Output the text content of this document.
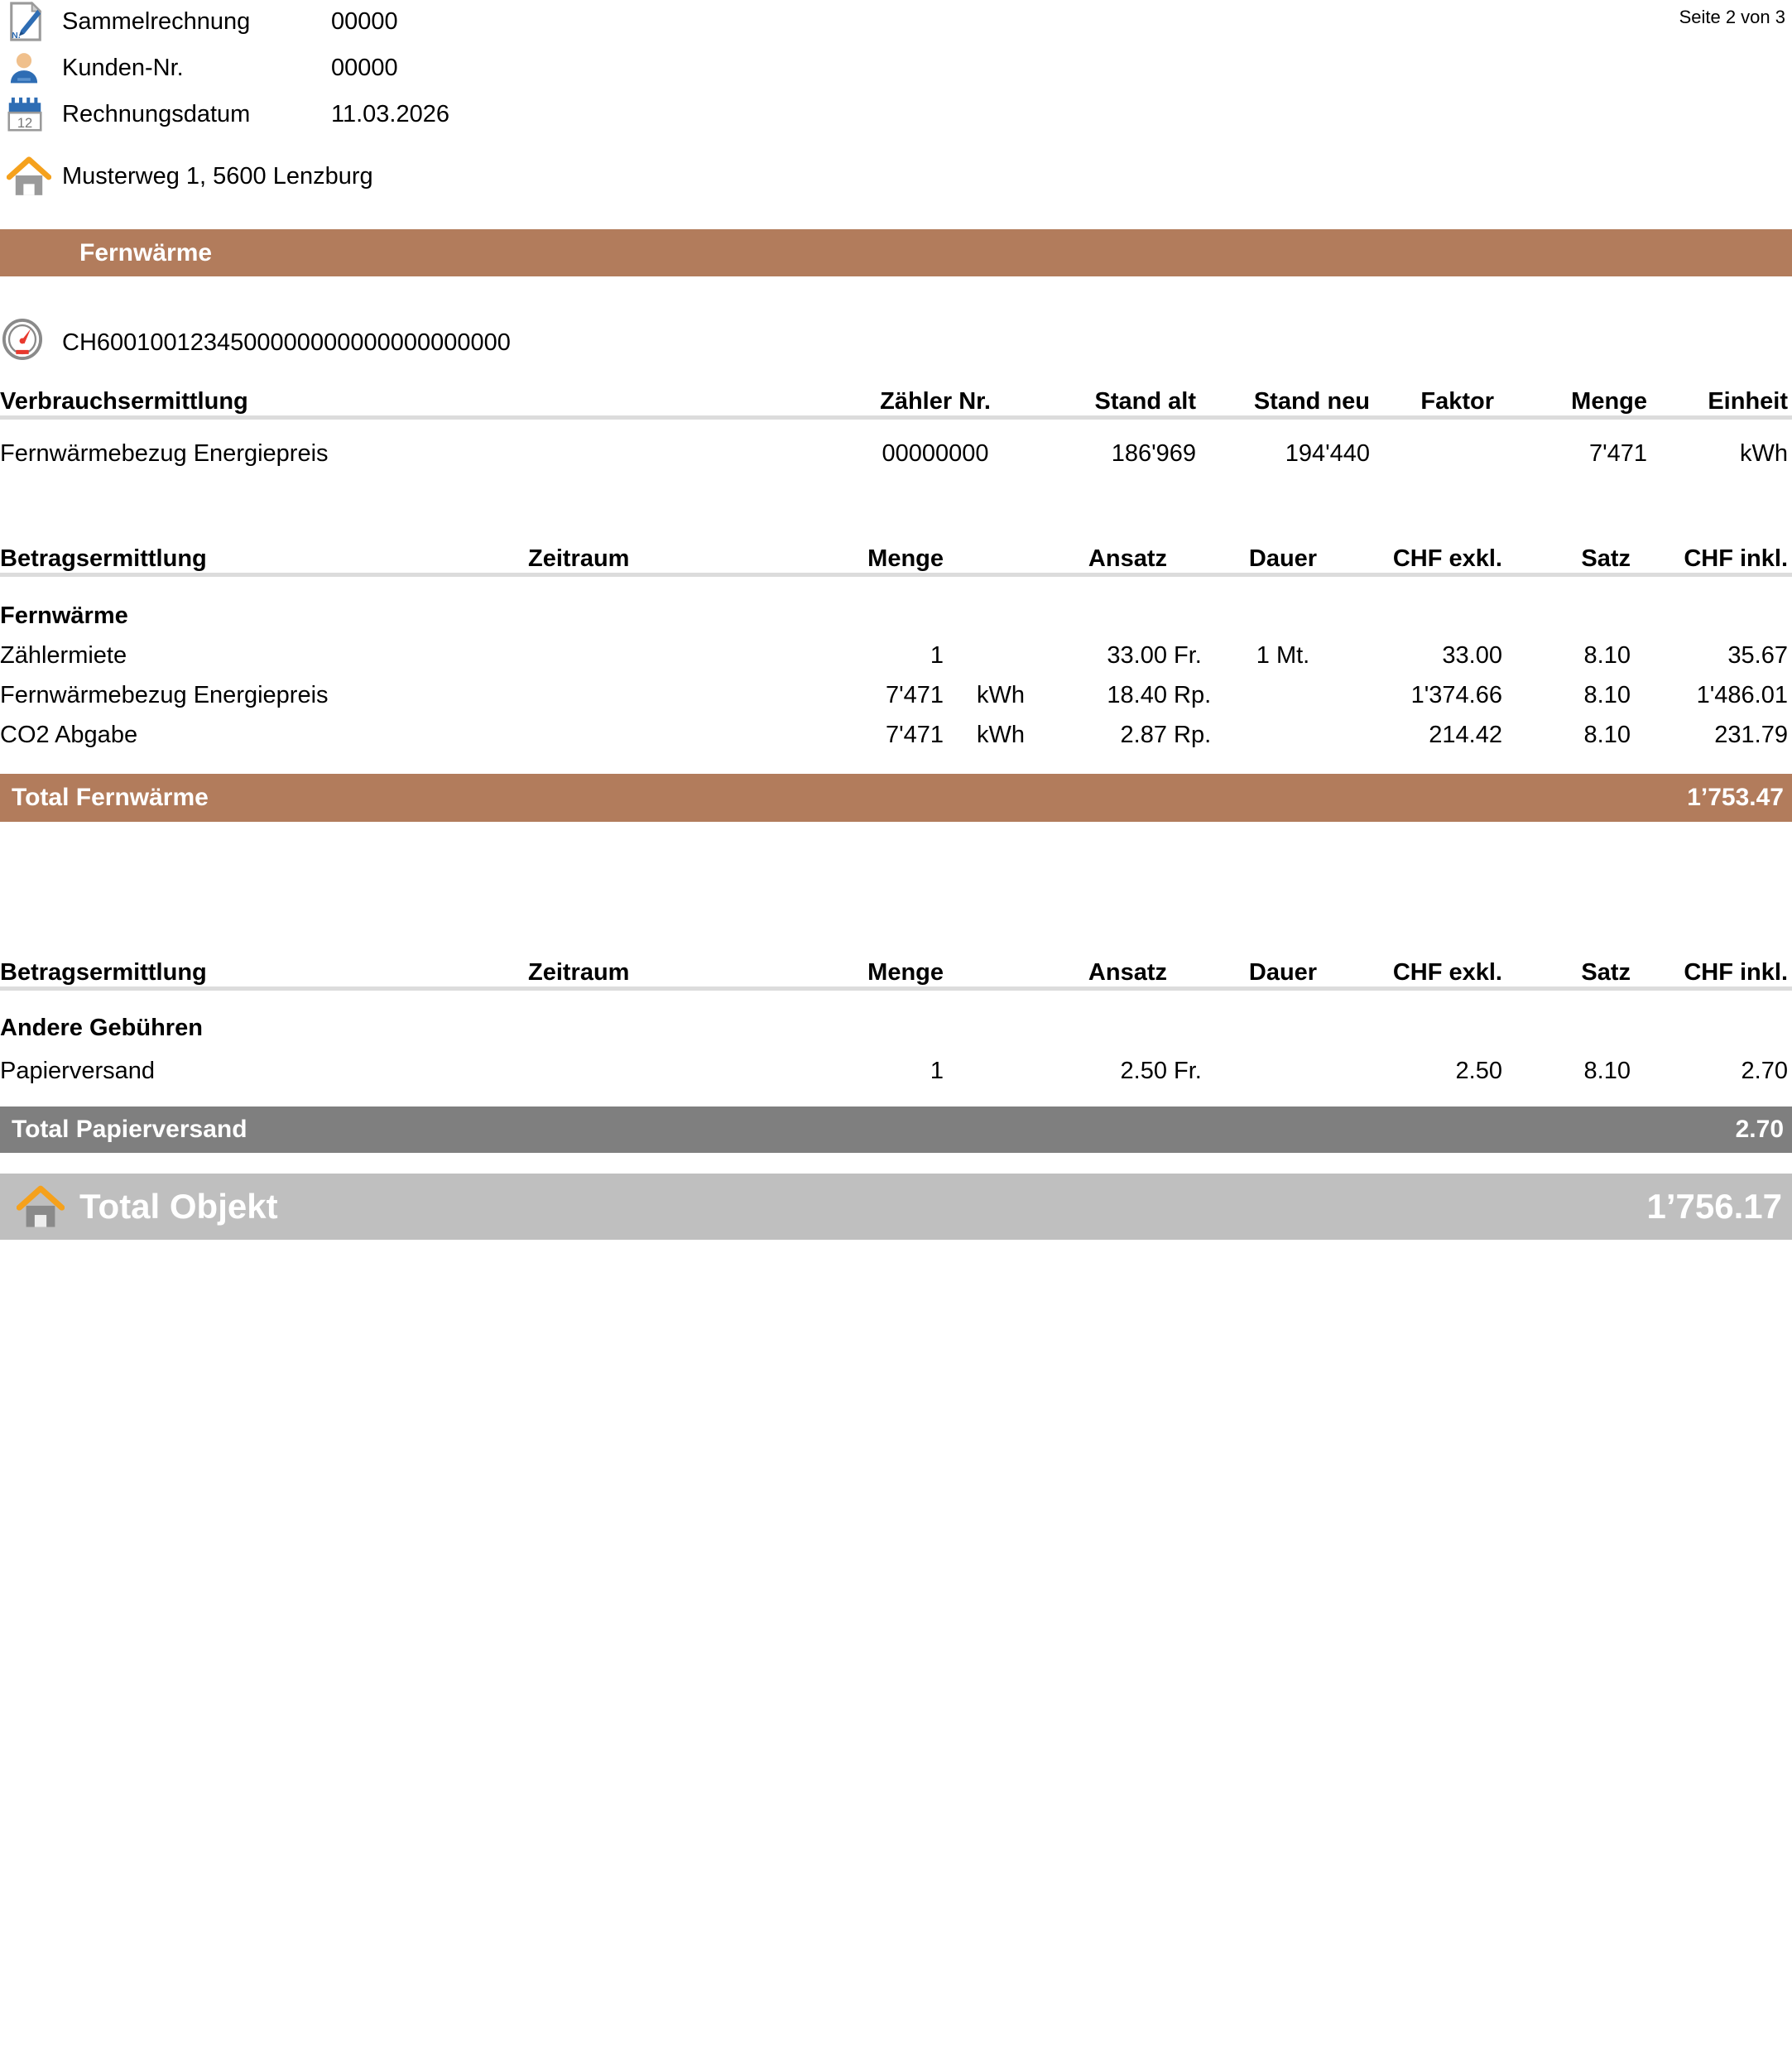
Seite 2 von 3
N.
Sammelrechnung	00000
Kunden-Nr.	00000
12 Rechnungsdatum	11.03.2026
Musterweg 1, 5600 Lenzburg
Fernwärme
CH6001001234500000000000000000000
Verbrauchsermittlung	Zähler Nr.	Stand alt	Stand neu	Faktor	Menge	Einheit
Fernwärmebezug Energiepreis	00000000	186'969	194'440		7'471	kWh
Betragsermittlung	Zeitraum	Menge		Ansatz		Dauer	CHF exkl.	Satz	CHF inkl.
Fernwärme									
Zählermiete		1		33.00	Fr.	1 Mt.	33.00	8.10	35.67
Fernwärmebezug Energiepreis		7'471	kWh	18.40	Rp.		1'374.66	8.10	1'486.01
CO2 Abgabe		7'471	kWh	2.87	Rp.		214.42	8.10	231.79
Total Fernwärme	1’753.47
Betragsermittlung	Zeitraum	Menge		Ansatz		Dauer	CHF exkl.	Satz	CHF inkl.
Andere Gebühren									
Papierversand		1		2.50	Fr.		2.50	8.10	2.70
Total Papierversand	2.70
Total Objekt	1’756.17
